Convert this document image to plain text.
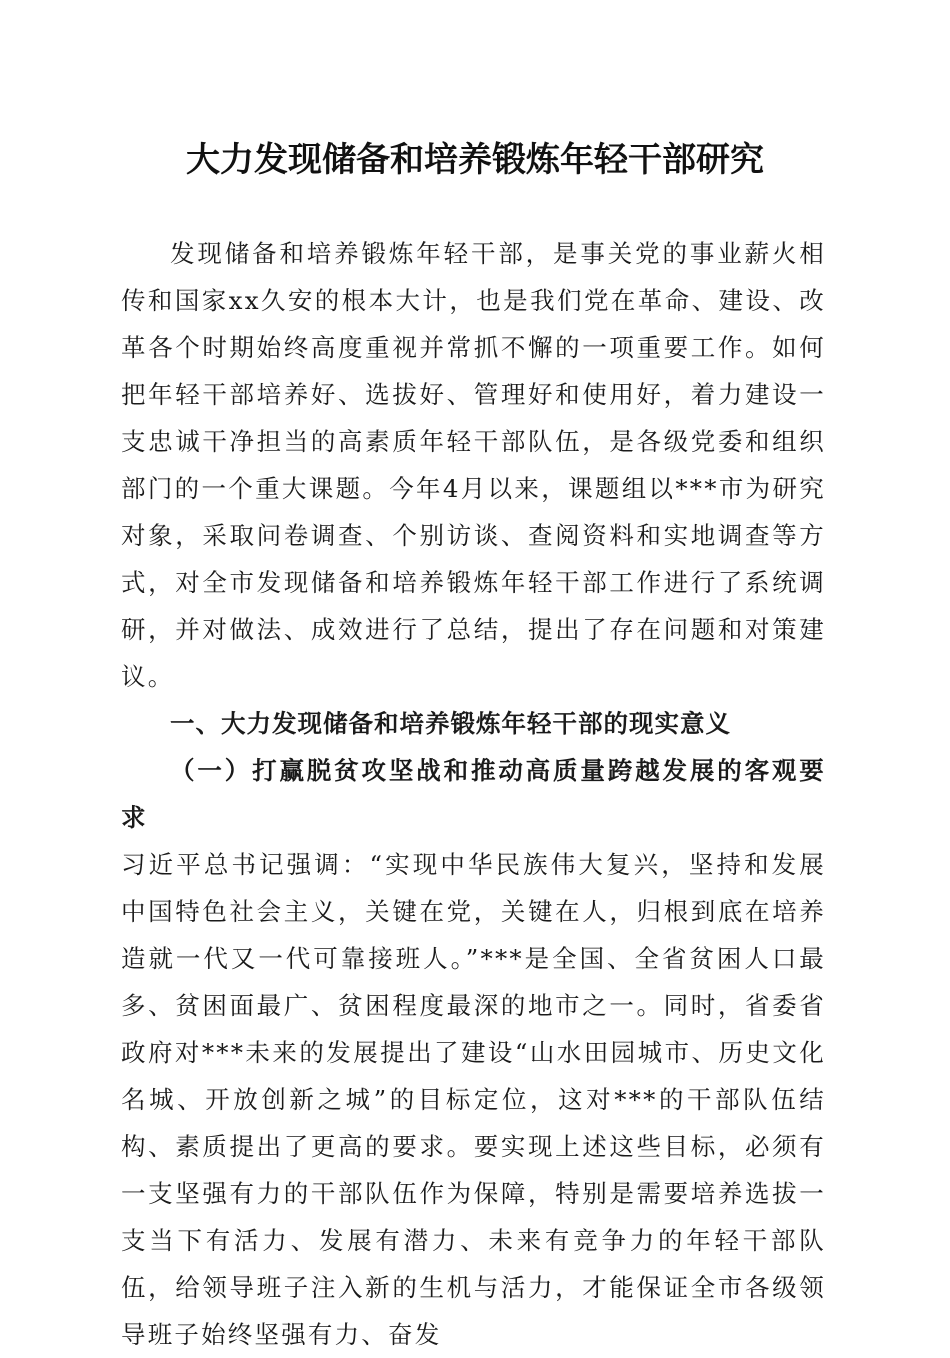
大力发现储备和培养锻炼年轻干部研究

发现储备和培养锻炼年轻干部，是事关党的事业薪火相传和国家xx久安的根本大计，也是我们党在革命、建设、改革各个时期始终高度重视并常抓不懈的一项重要工作。如何把年轻干部培养好、选拔好、管理好和使用好，着力建设一支忠诚干净担当的高素质年轻干部队伍，是各级党委和组织部门的一个重大课题。今年4月以来，课题组以***市为研究对象，采取问卷调查、个别访谈、查阅资料和实地调查等方式，对全市发现储备和培养锻炼年轻干部工作进行了系统调研，并对做法、成效进行了总结，提出了存在问题和对策建议。

一、大力发现储备和培养锻炼年轻干部的现实意义

（一）打赢脱贫攻坚战和推动高质量跨越发展的客观要求

习近平总书记强调：“实现中华民族伟大复兴，坚持和发展中国特色社会主义，关键在党，关键在人，归根到底在培养造就一代又一代可靠接班人。”***是全国、全省贫困人口最多、贫困面最广、贫困程度最深的地市之一。同时，省委省政府对***未来的发展提出了建设“山水田园城市、历史文化名城、开放创新之城”的目标定位，这对***的干部队伍结构、素质提出了更高的要求。要实现上述这些目标，必须有一支坚强有力的干部队伍作为保障，特别是需要培养选拔一支当下有活力、发展有潜力、未来有竞争力的年轻干部队伍，给领导班子注入新的生机与活力，才能保证全市各级领导班子始终坚强有力、奋发
